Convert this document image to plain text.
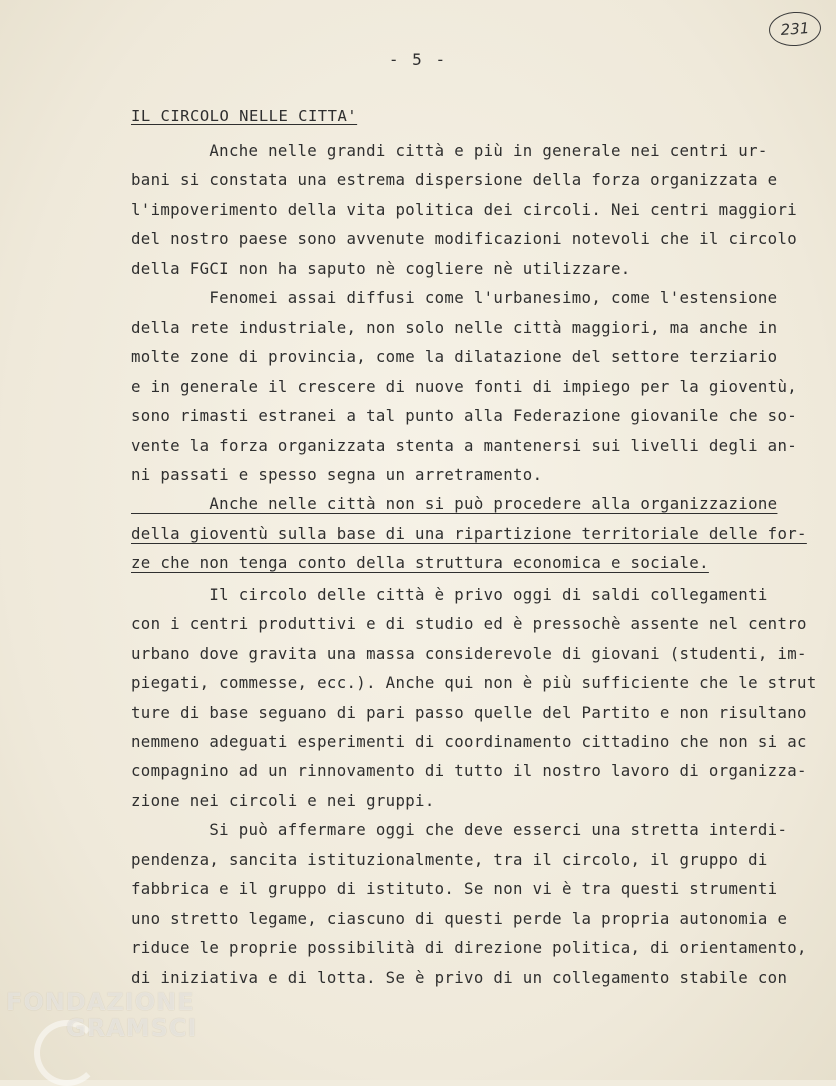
231
- 5 -
IL CIRCOLO NELLE CITTA'
Anche nelle grandi città e più in generale nei centri ur-
bani si constata una estrema dispersione della forza organizzata e
l'impoverimento della vita politica dei circoli. Nei centri maggiori
del nostro paese sono avvenute modificazioni notevoli che il circolo
della FGCI non ha saputo nè cogliere nè utilizzare.
Fenomei assai diffusi come l'urbanesimo, come l'estensione
della rete industriale, non solo nelle città maggiori, ma anche in
molte zone di provincia, come la dilatazione del settore terziario
e in generale il crescere di nuove fonti di impiego per la gioventù,
sono rimasti estranei a tal punto alla Federazione giovanile che so-
vente la forza organizzata stenta a mantenersi sui livelli degli an-
ni passati e spesso segna un arretramento.
Anche nelle città non si può procedere alla organizzazione
della gioventù sulla base di una ripartizione territoriale delle for-
ze che non tenga conto della struttura economica e sociale.
Il circolo delle città è privo oggi di saldi collegamenti
con i centri produttivi e di studio ed è pressochè assente nel centro
urbano dove gravita una massa considerevole di giovani (studenti, im-
piegati, commesse, ecc.). Anche qui non è più sufficiente che le strut
ture di base seguano di pari passo quelle del Partito e non risultano
nemmeno adeguati esperimenti di coordinamento cittadino che non si ac
compagnino ad un rinnovamento di tutto il nostro lavoro di organizza-
zione nei circoli e nei gruppi.
Si può affermare oggi che deve esserci una stretta interdi-
pendenza, sancita istituzionalmente, tra il circolo, il gruppo di
fabbrica e il gruppo di istituto. Se non vi è tra questi strumenti
uno stretto legame, ciascuno di questi perde la propria autonomia e
riduce le proprie possibilità di direzione politica, di orientamento,
di iniziativa e di lotta. Se è privo di un collegamento stabile con
FONDAZIONE
GRAMSCI
